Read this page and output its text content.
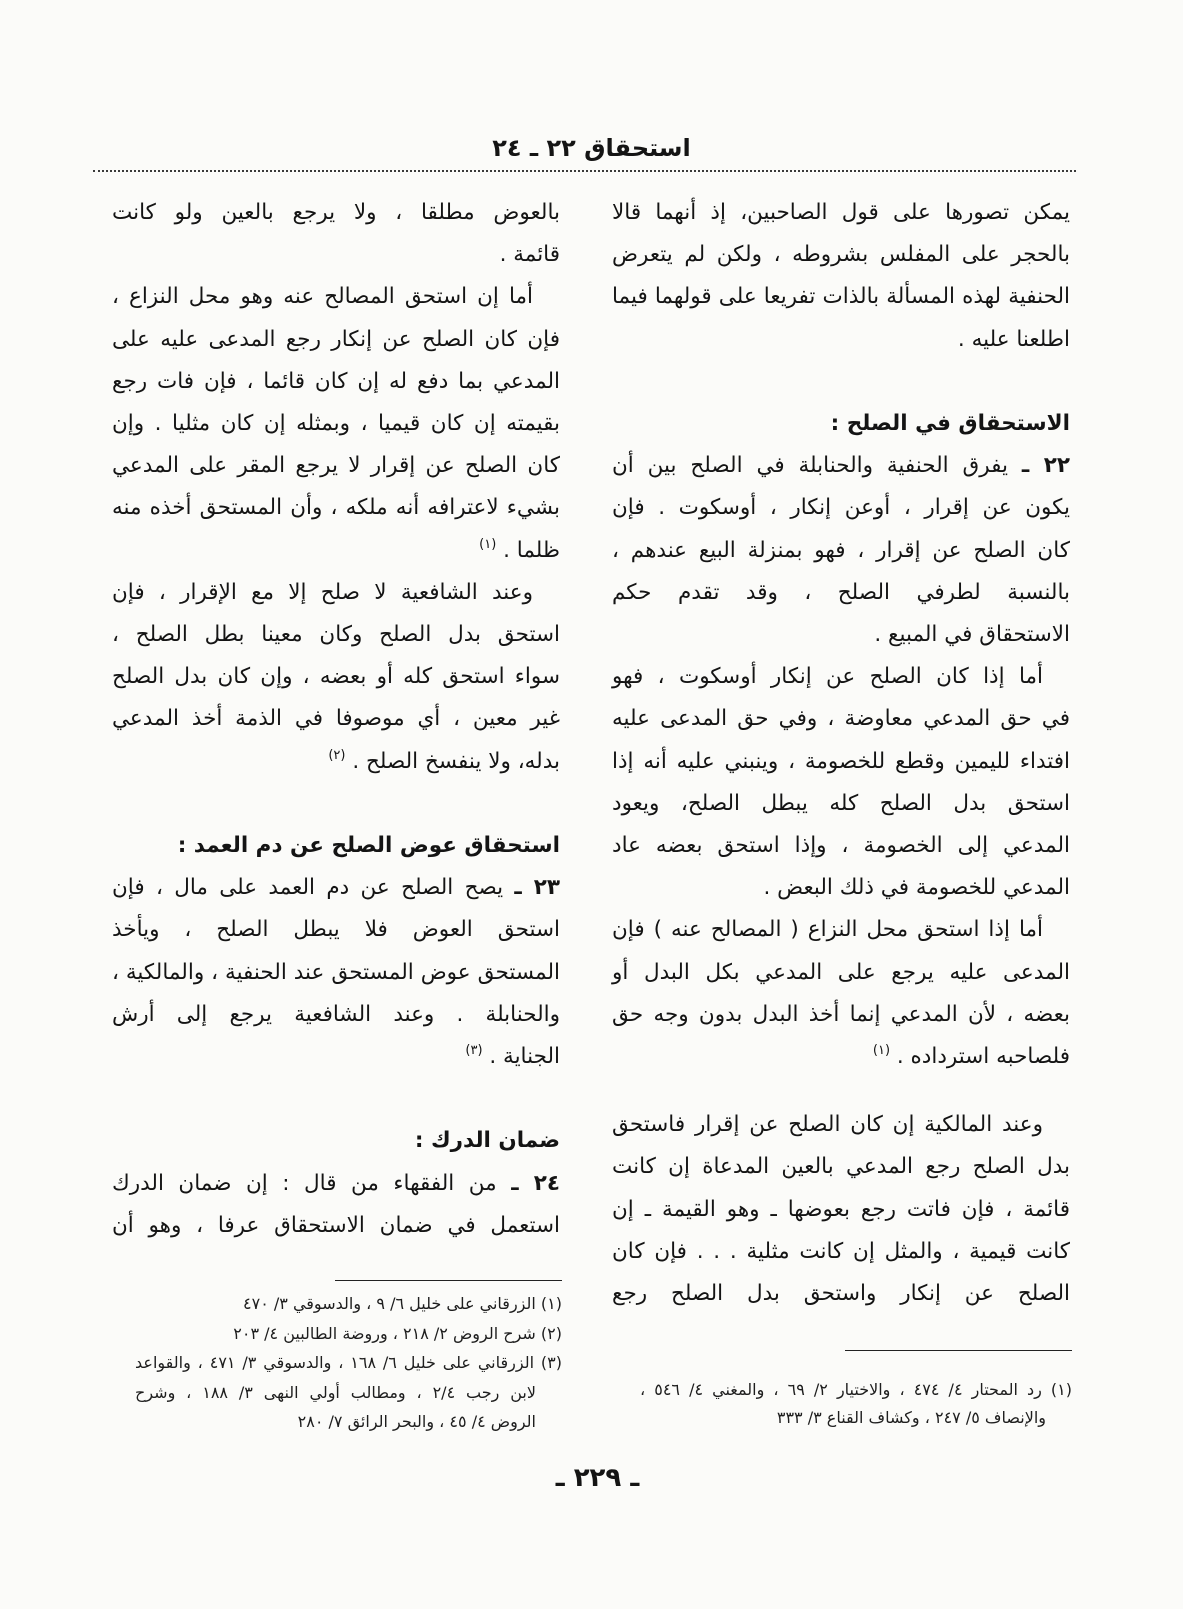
استحقاق ٢٢ ـ ٢٤
يمكن تصورها على قول الصاحبين، إذ أنهما قالا
بالحجر على المفلس بشروطه ، ولكن لم يتعرض
الحنفية لهذه المسألة بالذات تفريعا على قولهما فيما
اطلعنا عليه .
الاستحقاق في الصلح :
٢٢ ـ يفرق الحنفية والحنابلة في الصلح بين أن
يكون عن إقرار ، أوعن إنكار ، أوسكوت . فإن
كان الصلح عن إقرار ، فهو بمنزلة البيع عندهم ،
بالنسبة لطرفي الصلح ، وقد تقدم حكم
الاستحقاق في المبيع .
أما إذا كان الصلح عن إنكار أوسكوت ، فهو
في حق المدعي معاوضة ، وفي حق المدعى عليه
افتداء لليمين وقطع للخصومة ، وينبني عليه أنه إذا
استحق بدل الصلح كله يبطل الصلح، ويعود
المدعي إلى الخصومة ، وإذا استحق بعضه عاد
المدعي للخصومة في ذلك البعض .
أما إذا استحق محل النزاع ( المصالح عنه ) فإن
المدعى عليه يرجع على المدعي بكل البدل أو
بعضه ، لأن المدعي إنما أخذ البدل بدون وجه حق
فلصاحبه استرداده . $^{(١)}$
وعند المالكية إن كان الصلح عن إقرار فاستحق
بدل الصلح رجع المدعي بالعين المدعاة إن كانت
قائمة ، فإن فاتت رجع بعوضها ـ وهو القيمة ـ إن
كانت قيمية ، والمثل إن كانت مثلية . . . فإن كان
الصلح عن إنكار واستحق بدل الصلح رجع
(١) رد المحتار ٤/ ٤٧٤ ، والاختيار ٢/ ٦٩ ، والمغني ٤/ ٥٤٦ ،
والإنصاف ٥/ ٢٤٧ ، وكشاف القناع ٣/ ٣٣٣
بالعوض مطلقا ، ولا يرجع بالعين ولو كانت
قائمة .
أما إن استحق المصالح عنه وهو محل النزاع ،
فإن كان الصلح عن إنكار رجع المدعى عليه على
المدعي بما دفع له إن كان قائما ، فإن فات رجع
بقيمته إن كان قيميا ، وبمثله إن كان مثليا . وإن
كان الصلح عن إقرار لا يرجع المقر على المدعي
بشيء لاعترافه أنه ملكه ، وأن المستحق أخذه منه
ظلما . $^{(١)}$
وعند الشافعية لا صلح إلا مع الإقرار ، فإن
استحق بدل الصلح وكان معينا بطل الصلح ،
سواء استحق كله أو بعضه ، وإن كان بدل الصلح
غير معين ، أي موصوفا في الذمة أخذ المدعي
بدله، ولا ينفسخ الصلح . $^{(٢)}$
استحقاق عوض الصلح عن دم العمد :
٢٣ ـ يصح الصلح عن دم العمد على مال ، فإن
استحق العوض فلا يبطل الصلح ، ويأخذ
المستحق عوض المستحق عند الحنفية ، والمالكية ،
والحنابلة . وعند الشافعية يرجع إلى أرش
الجناية . $^{(٣)}$
ضمان الدرك :
٢٤ ـ من الفقهاء من قال : إن ضمان الدرك
استعمل في ضمان الاستحقاق عرفا ، وهو أن
(١) الزرقاني على خليل ٦/ ٩ ، والدسوقي ٣/ ٤٧٠
(٢) شرح الروض ٢/ ٢١٨ ، وروضة الطالبين ٤/ ٢٠٣
(٣) الزرقاني على خليل ٦/ ١٦٨ ، والدسوقي ٣/ ٤٧١ ، والقواعد
لابن رجب ٢/٤ ، ومطالب أولي النهى ٣/ ١٨٨ ، وشرح
الروض ٤/ ٤٥ ، والبحر الرائق ٧/ ٢٨٠
ـ ٢٢٩ ـ
